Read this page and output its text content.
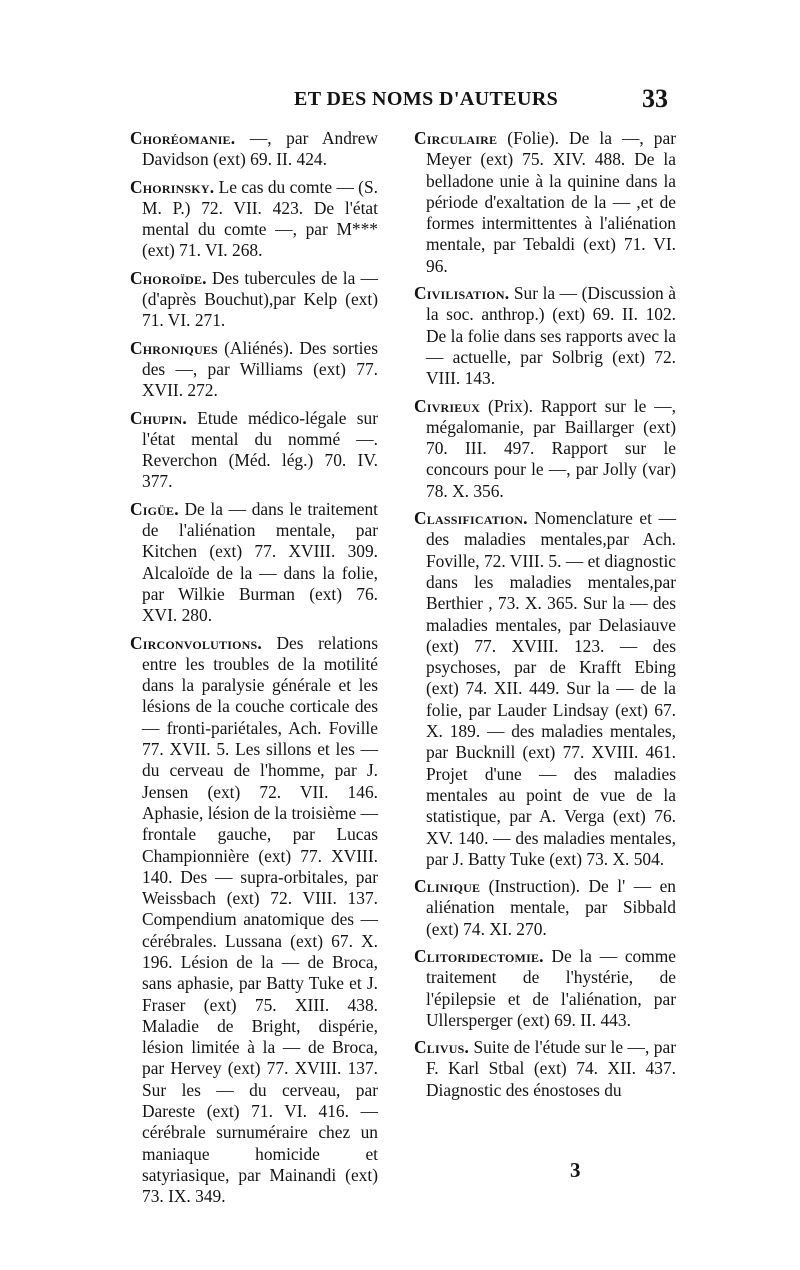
ET DES NOMS D'AUTEURS	33
Choréomanie. —, par Andrew Davidson (ext) 69. II. 424.
Chorinsky. Le cas du comte — (S. M. P.) 72. VII. 423. De l'état mental du comte —, par M*** (ext) 71. VI. 268.
Choroïde. Des tubercules de la — (d'après Bouchut),par Kelp (ext) 71. VI. 271.
Chroniques (Aliénés). Des sorties des —, par Williams (ext) 77. XVII. 272.
Chupin. Etude médico-légale sur l'état mental du nommé —. Reverchon (Méd. lég.) 70. IV. 377.
Cigüe. De la — dans le traitement de l'aliénation mentale, par Kitchen (ext) 77. XVIII. 309. Alcaloïde de la — dans la folie, par Wilkie Burman (ext) 76. XVI. 280.
Circonvolutions. Des relations entre les troubles de la motilité dans la paralysie générale et les lésions de la couche corticale des — fronti-pariétales, Ach. Foville 77. XVII. 5. Les sillons et les — du cerveau de l'homme, par J. Jensen (ext) 72. VII. 146. Aphasie, lésion de la troisième — frontale gauche, par Lucas Championnière (ext) 77. XVIII. 140. Des — supra-orbitales, par Weissbach (ext) 72. VIII. 137. Compendium anatomique des — cérébrales. Lussana (ext) 67. X. 196. Lésion de la — de Broca, sans aphasie, par Batty Tuke et J. Fraser (ext) 75. XIII. 438. Maladie de Bright, dispérie, lésion limitée à la — de Broca, par Hervey (ext) 77. XVIII. 137. Sur les — du cerveau, par Dareste (ext) 71. VI. 416. — cérébrale surnuméraire chez un maniaque homicide et satyriasique, par Mainandi (ext) 73. IX. 349.
Circulaire (Folie). De la —, par Meyer (ext) 75. XIV. 488. De la belladone unie à la quinine dans la période d'exaltation de la — ,et de formes intermittentes à l'aliénation mentale, par Tebaldi (ext) 71. VI. 96.
Civilisation. Sur la — (Discussion à la soc. anthrop.) (ext) 69. II. 102. De la folie dans ses rapports avec la — actuelle, par Solbrig (ext) 72. VIII. 143.
Civrieux (Prix). Rapport sur le —, mégalomanie, par Baillarger (ext) 70. III. 497. Rapport sur le concours pour le —, par Jolly (var) 78. X. 356.
Classification. Nomenclature et — des maladies mentales,par Ach. Foville, 72. VIII. 5. — et diagnostic dans les maladies mentales,par Berthier , 73. X. 365. Sur la — des maladies mentales, par Delasiauve (ext) 77. XVIII. 123. — des psychoses, par de Krafft Ebing (ext) 74. XII. 449. Sur la — de la folie, par Lauder Lindsay (ext) 67. X. 189. — des maladies mentales, par Bucknill (ext) 77. XVIII. 461. Projet d'une — des maladies mentales au point de vue de la statistique, par A. Verga (ext) 76. XV. 140. — des maladies mentales, par J. Batty Tuke (ext) 73. X. 504.
Clinique (Instruction). De l' — en aliénation mentale, par Sibbald (ext) 74. XI. 270.
Clitoridectomie. De la — comme traitement de l'hystérie, de l'épilepsie et de l'aliénation, par Ullersperger (ext) 69. II. 443.
Clivus. Suite de l'étude sur le —, par F. Karl Stbal (ext) 74. XII. 437. Diagnostic des énostoses du
3
